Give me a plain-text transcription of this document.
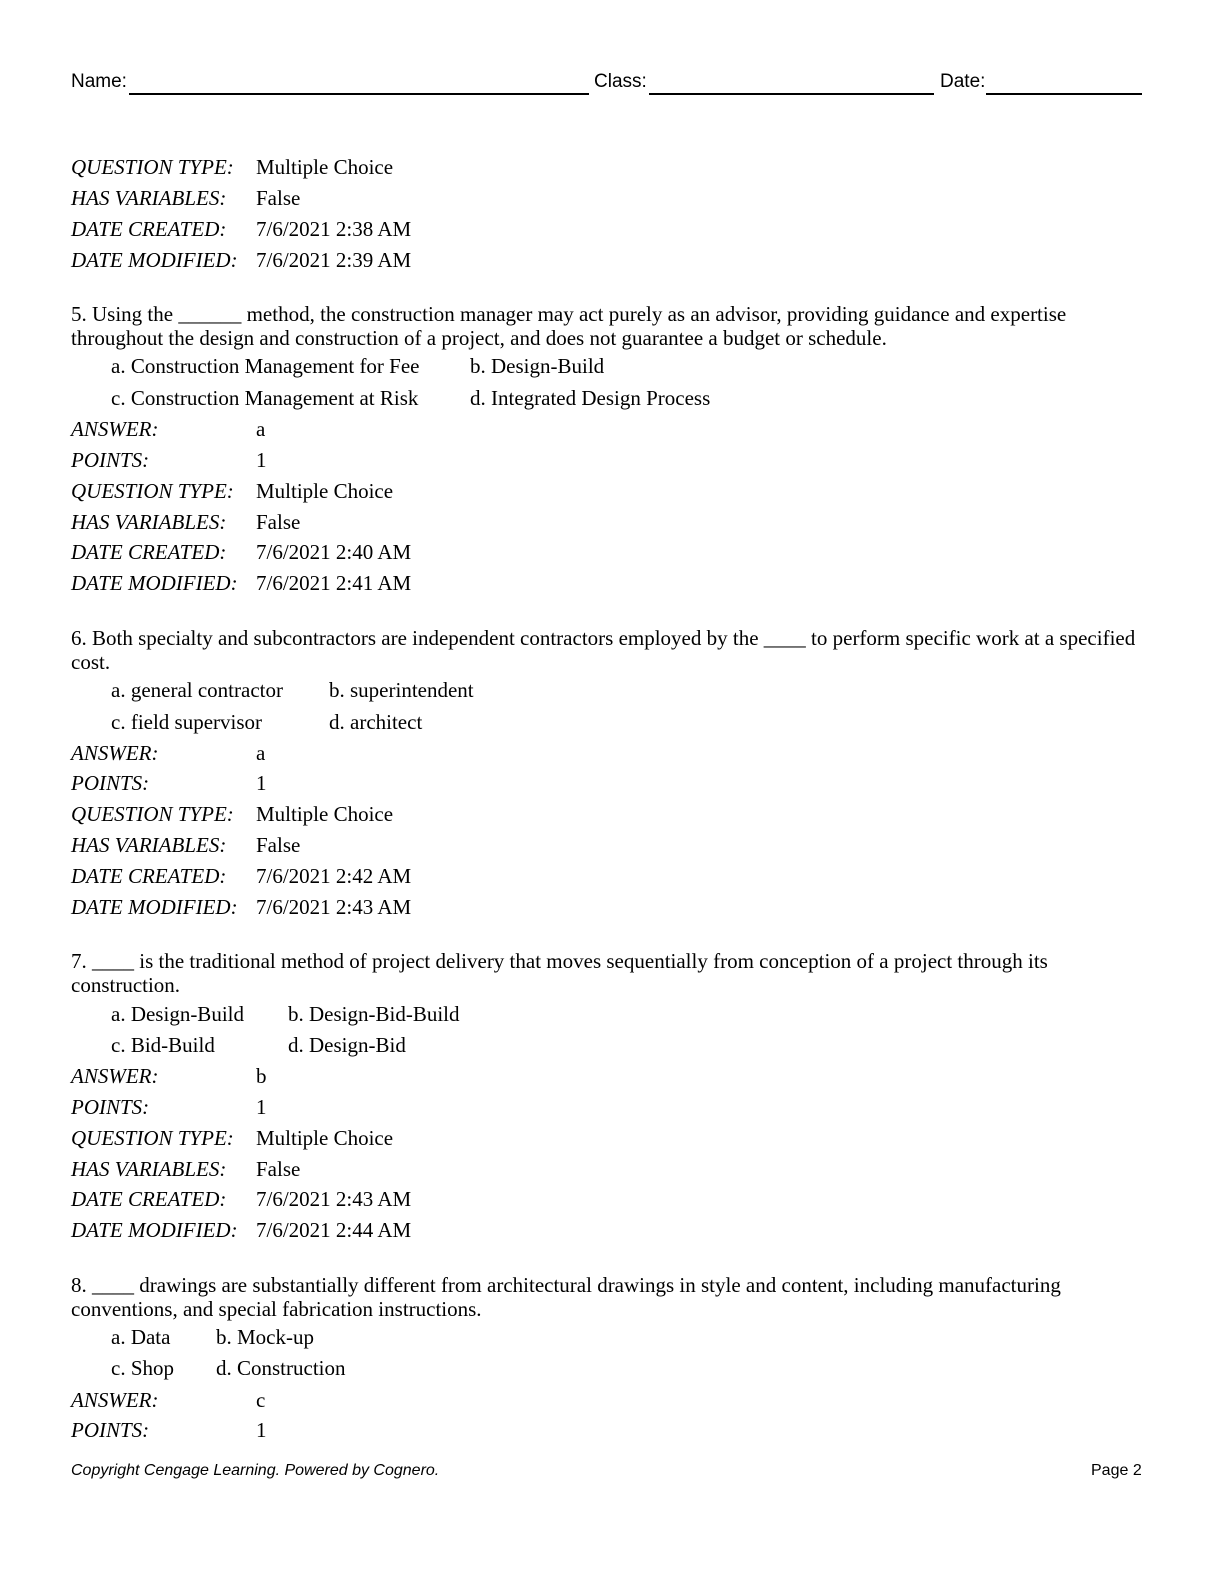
Name:	Class:	Date:
QUESTION TYPE: Multiple Choice
HAS VARIABLES: False
DATE CREATED: 7/6/2021 2:38 AM
DATE MODIFIED: 7/6/2021 2:39 AM
5. Using the ______ method, the construction manager may act purely as an advisor, providing guidance and expertise throughout the design and construction of a project, and does not guarantee a budget or schedule.
a. Construction Management for Fee b. Design-Build
c. Construction Management at Risk d. Integrated Design Process
ANSWER:	a
POINTS:	1
QUESTION TYPE: Multiple Choice
HAS VARIABLES: False
DATE CREATED: 7/6/2021 2:40 AM
DATE MODIFIED: 7/6/2021 2:41 AM
6. Both specialty and subcontractors are independent contractors employed by the ____ to perform specific work at a specified cost.
a. general contractor b. superintendent
c. field supervisor	d. architect
ANSWER:	a
POINTS:	1
QUESTION TYPE: Multiple Choice
HAS VARIABLES: False
DATE CREATED: 7/6/2021 2:42 AM
DATE MODIFIED: 7/6/2021 2:43 AM
7. ____ is the traditional method of project delivery that moves sequentially from conception of a project through its construction.
a. Design-Build b. Design-Bid-Build
c. Bid-Build	d. Design-Bid
ANSWER:	b
POINTS:	1
QUESTION TYPE: Multiple Choice
HAS VARIABLES: False
DATE CREATED: 7/6/2021 2:43 AM
DATE MODIFIED: 7/6/2021 2:44 AM
8. ____ drawings are substantially different from architectural drawings in style and content, including manufacturing conventions, and special fabrication instructions.
a. Data b. Mock-up
c. Shop d. Construction
ANSWER:	c
POINTS:	1
Copyright Cengage Learning. Powered by Cognero.	Page 2
